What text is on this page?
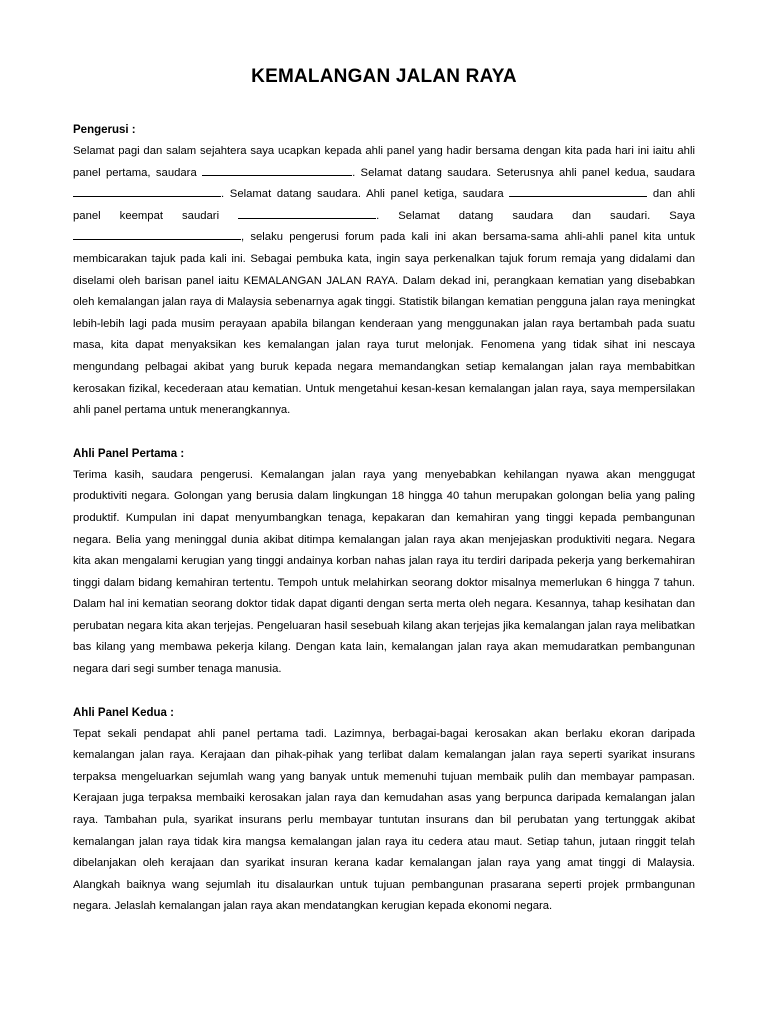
KEMALANGAN JALAN RAYA

Pengerusi :

Selamat pagi dan salam sejahtera saya ucapkan kepada ahli panel yang hadir bersama dengan kita pada hari ini iaitu ahli panel pertama, saudara	. Selamat datang saudara. Seterusnya ahli panel kedua, saudara . Selamat datang saudara. Ahli panel ketiga, saudara	dan ahli panel keempat saudari	. Selamat datang saudara dan saudari. Saya , selaku pengerusi forum pada kali ini akan bersama-sama ahli-ahli panel kita untuk membicarakan tajuk pada kali ini. Sebagai pembuka kata, ingin saya perkenalkan tajuk forum remaja yang didalami dan diselami oleh barisan panel iaitu KEMALANGAN JALAN RAYA. Dalam dekad ini, perangkaan kematian yang disebabkan oleh kemalangan jalan raya di Malaysia sebenarnya agak tinggi. Statistik bilangan kematian pengguna jalan raya meningkat lebih-lebih lagi pada musim perayaan apabila bilangan kenderaan yang menggunakan jalan raya bertambah pada suatu masa, kita dapat menyaksikan kes kemalangan jalan raya turut melonjak. Fenomena yang tidak sihat ini nescaya mengundang pelbagai akibat yang buruk kepada negara memandangkan setiap kemalangan jalan raya membabitkan kerosakan fizikal, kecederaan atau kematian. Untuk mengetahui kesan-kesan kemalangan jalan raya, saya mempersilakan ahli panel pertama untuk menerangkannya.

Ahli Panel Pertama :

Terima kasih, saudara pengerusi. Kemalangan jalan raya yang menyebabkan kehilangan nyawa akan menggugat produktiviti negara. Golongan yang berusia dalam lingkungan 18 hingga 40 tahun merupakan golongan belia yang paling produktif. Kumpulan ini dapat menyumbangkan tenaga, kepakaran dan kemahiran yang tinggi kepada pembangunan negara. Belia yang meninggal dunia akibat ditimpa kemalangan jalan raya akan menjejaskan produktiviti negara. Negara kita akan mengalami kerugian yang tinggi andainya korban nahas jalan raya itu terdiri daripada pekerja yang berkemahiran tinggi dalam bidang kemahiran tertentu. Tempoh untuk melahirkan seorang doktor misalnya memerlukan 6 hingga 7 tahun. Dalam hal ini kematian seorang doktor tidak dapat diganti dengan serta merta oleh negara. Kesannya, tahap kesihatan dan perubatan negara kita akan terjejas. Pengeluaran hasil sesebuah kilang akan terjejas jika kemalangan jalan raya melibatkan bas kilang yang membawa pekerja kilang. Dengan kata lain, kemalangan jalan raya akan memudaratkan pembangunan negara dari segi sumber tenaga manusia.

Ahli Panel Kedua :

Tepat sekali pendapat ahli panel pertama tadi. Lazimnya, berbagai-bagai kerosakan akan berlaku ekoran daripada kemalangan jalan raya. Kerajaan dan pihak-pihak yang terlibat dalam kemalangan jalan raya seperti syarikat insurans terpaksa mengeluarkan sejumlah wang yang banyak untuk memenuhi tujuan membaik pulih dan membayar pampasan. Kerajaan juga terpaksa membaiki kerosakan jalan raya dan kemudahan asas yang berpunca daripada kemalangan jalan raya. Tambahan pula, syarikat insurans perlu membayar tuntutan insurans dan bil perubatan yang tertunggak akibat kemalangan jalan raya tidak kira mangsa kemalangan jalan raya itu cedera atau maut. Setiap tahun, jutaan ringgit telah dibelanjakan oleh kerajaan dan syarikat insuran kerana kadar kemalangan jalan raya yang amat tinggi di Malaysia. Alangkah baiknya wang sejumlah itu disalaurkan untuk tujuan pembangunan prasarana seperti projek prmbangunan negara. Jelaslah kemalangan jalan raya akan mendatangkan kerugian kepada ekonomi negara.
